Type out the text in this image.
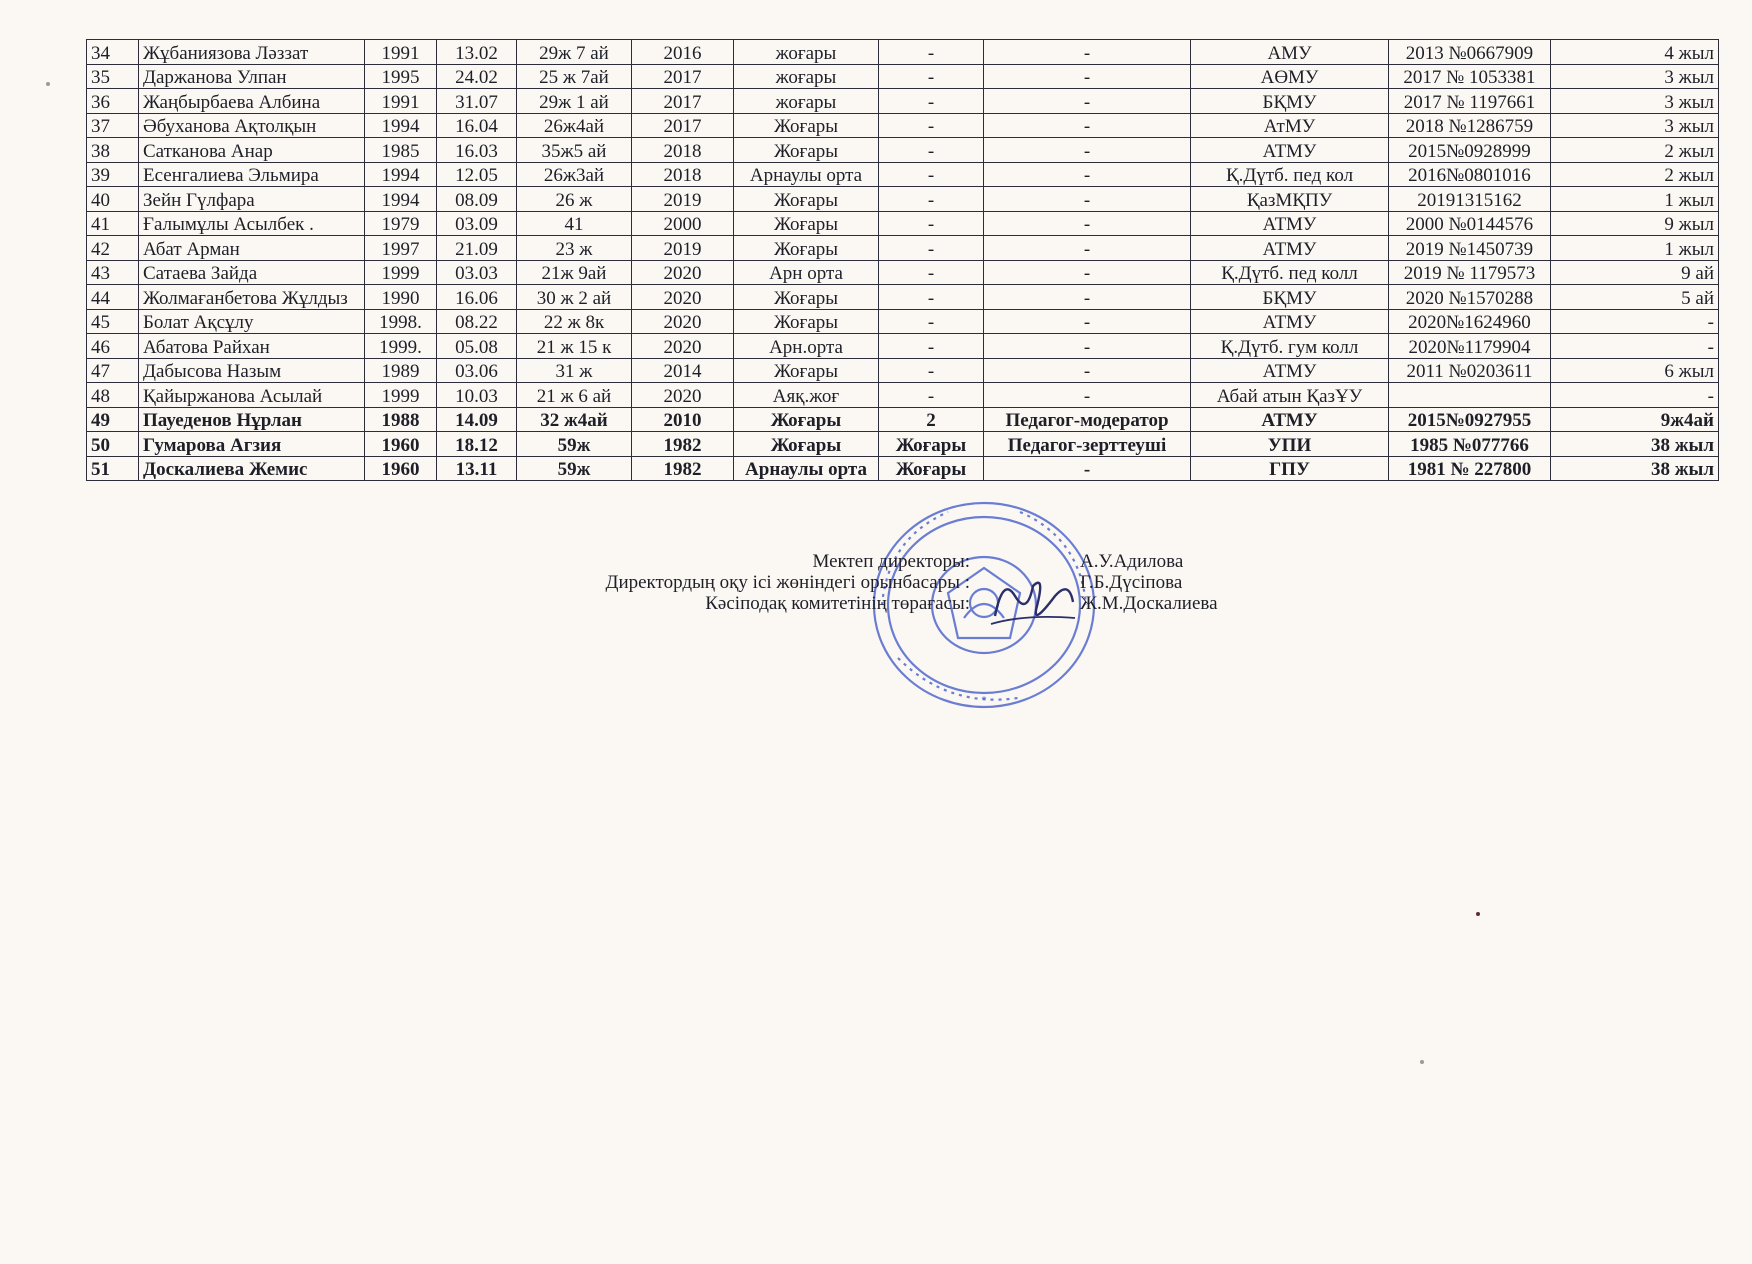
34	Жұбаниязова Ләззат	1991	13.02	29ж 7 ай	2016	жоғары	-	-	АМУ	2013 №0667909	4 жыл
35	Даржанова Улпан	1995	24.02	25 ж 7ай	2017	жоғары	-	-	АӨМУ	2017 № 1053381	3 жыл
36	Жаңбырбаева Албина	1991	31.07	29ж 1 ай	2017	жоғары	-	-	БҚМУ	2017 № 1197661	3 жыл
37	Әбуханова Ақтолқын	1994	16.04	26ж4ай	2017	Жоғары	-	-	АтМУ	2018 №1286759	3 жыл
38	Сатканова Анар	1985	16.03	35ж5 ай	2018	Жоғары	-	-	АТМУ	2015№0928999	2 жыл
39	Есенгалиева Эльмира	1994	12.05	26ж3ай	2018	Арнаулы орта	-	-	Қ.Дүтб. пед кол	2016№0801016	2 жыл
40	Зейн Гүлфара	1994	08.09	26 ж	2019	Жоғары	-	-	ҚазМҚПУ	20191315162	1 жыл
41	Ғалымұлы Асылбек .	1979	03.09	41	2000	Жоғары	-	-	АТМУ	2000 №0144576	9 жыл
42	Абат Арман	1997	21.09	23 ж	2019	Жоғары	-	-	АТМУ	2019 №1450739	1 жыл
43	Сатаева Зайда	1999	03.03	21ж 9ай	2020	Арн орта	-	-	Қ.Дүтб. пед колл	2019 № 1179573	9 ай
44	Жолмағанбетова Жұлдыз	1990	16.06	30 ж 2 ай	2020	Жоғары	-	-	БҚМУ	2020 №1570288	5 ай
45	Болат Ақсұлу	1998.	08.22	22 ж 8к	2020	Жоғары	-	-	АТМУ	2020№1624960	-
46	Абатова Райхан	1999.	05.08	21 ж 15 к	2020	Арн.орта	-	-	Қ.Дүтб. гум колл	2020№1179904	-
47	Дабысова Назым	1989	03.06	31 ж	2014	Жоғары	-	-	АТМУ	2011 №0203611	6 жыл
48	Қайыржанова Асылай	1999	10.03	21 ж 6 ай	2020	Аяқ.жоғ	-	-	Абай атын ҚазҰУ		-
49	Пауеденов Нұрлан	1988	14.09	32 ж4ай	2010	Жоғары	2	Педагог-модератор	АТМУ	2015№0927955	9ж4ай
50	Гумарова Агзия	1960	18.12	59ж	1982	Жоғары	Жоғары	Педагог-зерттеуші	УПИ	1985 №077766	38 жыл
51	Доскалиева Жемис	1960	13.11	59ж	1982	Арнаулы орта	Жоғары	-	ГПУ	1981 № 227800	38 жыл
*
Мектеп директоры:	А.У.Адилова
Директордың оқу ісі жөніндегі орынбасары :	Г.Б.Дүсіпова
Кәсіподақ комитетінің төрағасы:	Ж.М.Доскалиева
